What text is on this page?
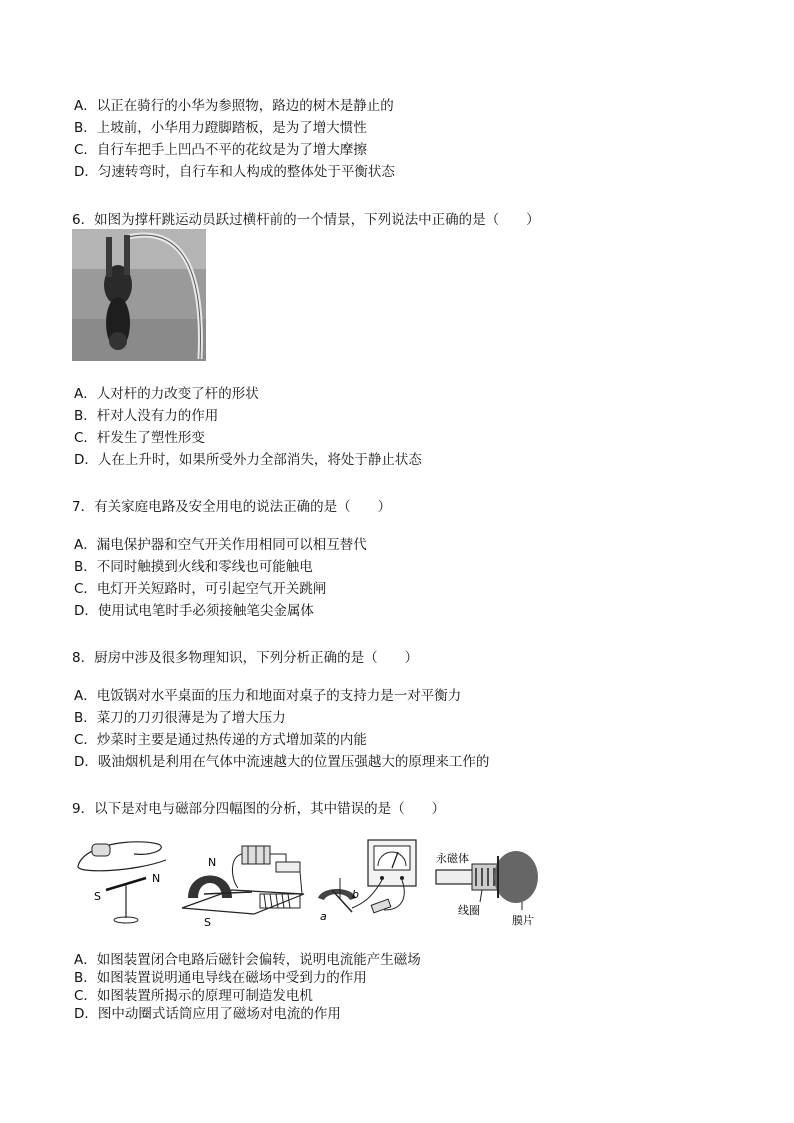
A．以正在骑行的小华为参照物，路边的树木是静止的
B．上坡前，小华用力蹬脚踏板，是为了增大惯性
C．自行车把手上凹凸不平的花纹是为了增大摩擦
D．匀速转弯时，自行车和人构成的整体处于平衡状态
6．如图为撑杆跳运动员跃过横杆前的一个情景，下列说法中正确的是（　　）
A．人对杆的力改变了杆的形状
B．杆对人没有力的作用
C．杆发生了塑性形变
D．人在上升时，如果所受外力全部消失，将处于静止状态
7．有关家庭电路及安全用电的说法正确的是（　　）
A．漏电保护器和空气开关作用相同可以相互替代
B．不同时触摸到火线和零线也可能触电
C．电灯开关短路时，可引起空气开关跳闸
D．使用试电笔时手必须接触笔尖金属体
8．厨房中涉及很多物理知识，下列分析正确的是（　　）
A．电饭锅对水平桌面的压力和地面对桌子的支持力是一对平衡力
B．菜刀的刀刃很薄是为了增大压力
C．炒菜时主要是通过热传递的方式增加菜的内能
D．吸油烟机是利用在气体中流速越大的位置压强越大的原理来工作的
9．以下是对电与磁部分四幅图的分析，其中错误的是（　　）
S
N
N
S	a
b
永磁体
线圈
膜片
A．如图装置闭合电路后磁针会偏转，说明电流能产生磁场
B．如图装置说明通电导线在磁场中受到力的作用
C．如图装置所揭示的原理可制造发电机
D．图中动圈式话筒应用了磁场对电流的作用
